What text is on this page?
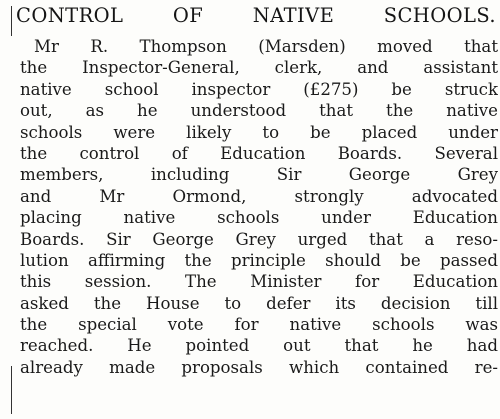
CONTROL OF NATIVE SCHOOLS.
Mr R. Thompson (Marsden) moved that
the Inspector-General, clerk, and assistant
native school inspector (£275) be struck
out, as he understood that the native
schools were likely to be placed under
the control of Education Boards. Several
members, including Sir George Grey
and Mr Ormond, strongly advocated
placing native schools under Education
Boards. Sir George Grey urged that a reso-
lution affirming the principle should be passed
this session. The Minister for Education
asked the House to defer its decision till
the special vote for native schools was
reached. He pointed out that he had
already made proposals which contained re-
